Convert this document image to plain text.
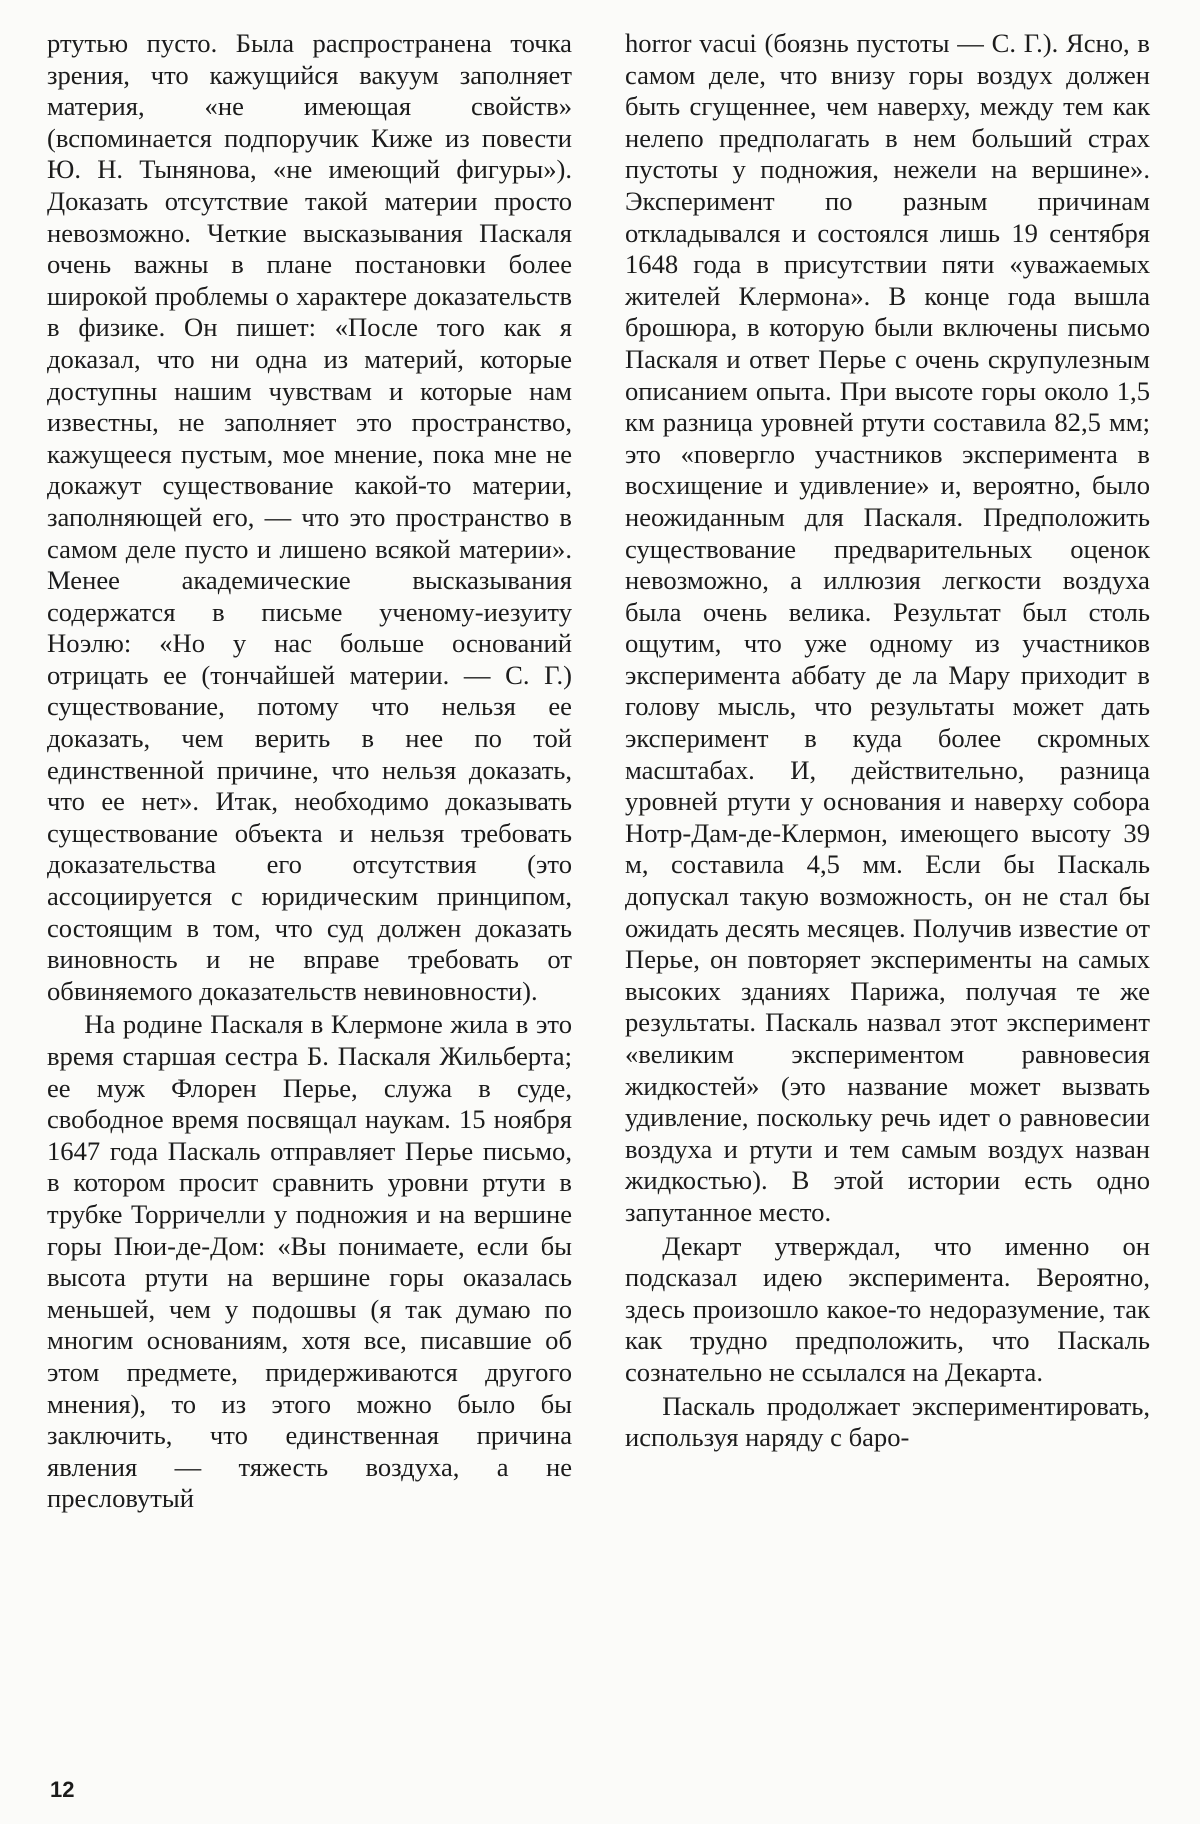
ртутью пусто. Была распространена точка зрения, что кажущийся вакуум заполняет материя, «не имеющая свойств» (вспоминается подпоручик Киже из повести Ю. Н. Тынянова, «не имеющий фигуры»). Доказать отсутствие такой материи просто невозможно. Четкие высказывания Паскаля очень важны в плане постановки более широкой проблемы о характере доказательств в физике. Он пишет: «После того как я доказал, что ни одна из материй, которые доступны нашим чувствам и которые нам известны, не заполняет это пространство, кажущееся пустым, мое мнение, пока мне не докажут существование какой-то материи, заполняющей его, — что это пространство в самом деле пусто и лишено всякой материи». Менее академические высказывания содержатся в письме ученому-иезуиту Ноэлю: «Но у нас больше оснований отрицать ее (тончайшей материи. — С. Г.) существование, потому что нельзя ее доказать, чем верить в нее по той единственной причине, что нельзя доказать, что ее нет». Итак, необходимо доказывать существование объекта и нельзя требовать доказательства его отсутствия (это ассоциируется с юридическим принципом, состоящим в том, что суд должен доказать виновность и не вправе требовать от обвиняемого доказательств невиновности).

На родине Паскаля в Клермоне жила в это время старшая сестра Б. Паскаля Жильберта; ее муж Флорен Перье, служа в суде, свободное время посвящал наукам. 15 ноября 1647 года Паскаль отправляет Перье письмо, в котором просит сравнить уровни ртути в трубке Торричелли у подножия и на вершине горы Пюи-де-Дом: «Вы понимаете, если бы высота ртути на вершине горы оказалась меньшей, чем у подошвы (я так думаю по многим основаниям, хотя все, писавшие об этом предмете, придерживаются другого мнения), то из этого можно было бы заключить, что единственная причина явления — тяжесть воздуха, а не пресловутый

horror vacui (боязнь пустоты — С. Г.). Ясно, в самом деле, что внизу горы воздух должен быть сгущеннее, чем наверху, между тем как нелепо предполагать в нем больший страх пустоты у подножия, нежели на вершине». Эксперимент по разным причинам откладывался и состоялся лишь 19 сентября 1648 года в присутствии пяти «уважаемых жителей Клермона». В конце года вышла брошюра, в которую были включены письмо Паскаля и ответ Перье с очень скрупулезным описанием опыта. При высоте горы около 1,5 км разница уровней ртути составила 82,5 мм; это «повергло участников эксперимента в восхищение и удивление» и, вероятно, было неожиданным для Паскаля. Предположить существование предварительных оценок невозможно, а иллюзия легкости воздуха была очень велика. Результат был столь ощутим, что уже одному из участников эксперимента аббату де ла Мару приходит в голову мысль, что результаты может дать эксперимент в куда более скромных масштабах. И, действительно, разница уровней ртути у основания и наверху собора Нотр-Дам-де-Клермон, имеющего высоту 39 м, составила 4,5 мм. Если бы Паскаль допускал такую возможность, он не стал бы ожидать десять месяцев. Получив известие от Перье, он повторяет эксперименты на самых высоких зданиях Парижа, получая те же результаты. Паскаль назвал этот эксперимент «великим экспериментом равновесия жидкостей» (это название может вызвать удивление, поскольку речь идет о равновесии воздуха и ртути и тем самым воздух назван жидкостью). В этой истории есть одно запутанное место.

Декарт утверждал, что именно он подсказал идею эксперимента. Вероятно, здесь произошло какое-то недоразумение, так как трудно предположить, что Паскаль сознательно не ссылался на Декарта.

Паскаль продолжает экспериментировать, используя наряду с баро-

12
